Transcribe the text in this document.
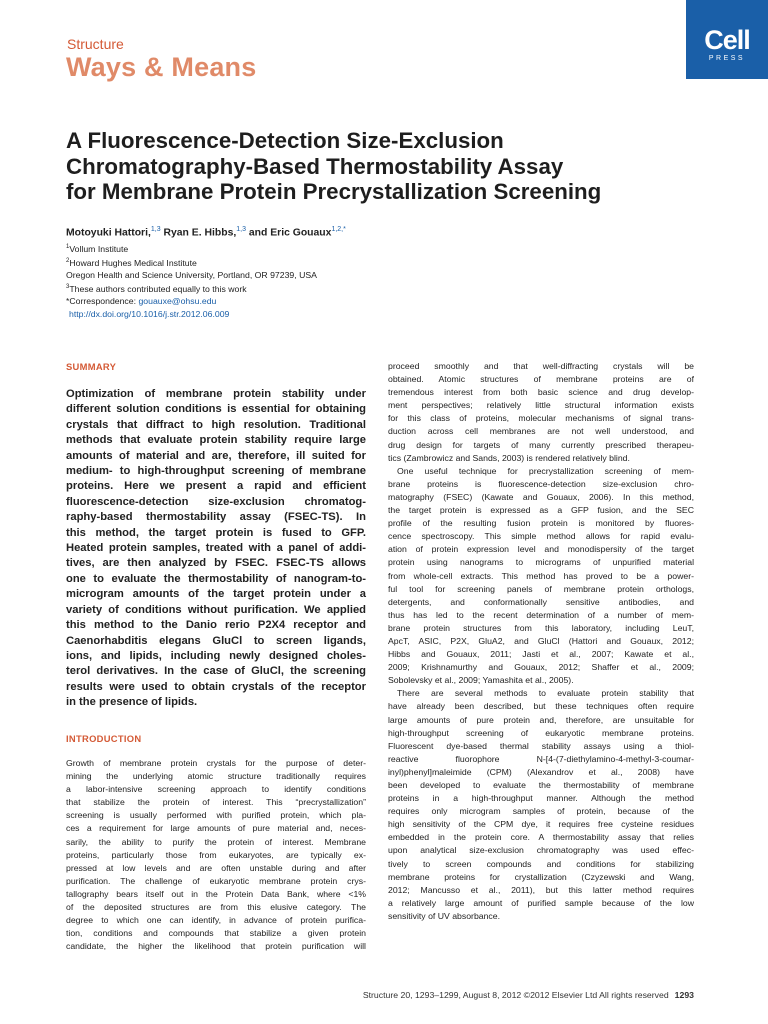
Structure
Ways & Means
Cell
PRESS
A Fluorescence-Detection Size-Exclusion
Chromatography-Based Thermostability Assay
for Membrane Protein Precrystallization Screening
Motoyuki Hattori,$^{1,3}$ Ryan E. Hibbs,$^{1,3}$ and Eric Gouaux$^{1,2,*}$
$^1$Vollum Institute
$^2$Howard Hughes Medical Institute
Oregon Health and Science University, Portland, OR 97239, USA
$^3$These authors contributed equally to this work
*Correspondence: gouauxe@ohsu.edu
http://dx.doi.org/10.1016/j.str.2012.06.009
SUMMARY
Optimization of membrane protein stability under
different solution conditions is essential for obtaining
crystals that diffract to high resolution. Traditional
methods that evaluate protein stability require large
amounts of material and are, therefore, ill suited for
medium- to high-throughput screening of membrane
proteins. Here we present a rapid and efficient
fluorescence-detection size-exclusion chromatog-
raphy-based thermostability assay (FSEC-TS). In
this method, the target protein is fused to GFP.
Heated protein samples, treated with a panel of addi-
tives, are then analyzed by FSEC. FSEC-TS allows
one to evaluate the thermostability of nanogram-to-
microgram amounts of the target protein under a
variety of conditions without purification. We applied
this method to the Danio rerio P2X4 receptor and
Caenorhabditis elegans GluCl to screen ligands,
ions, and lipids, including newly designed choles-
terol derivatives. In the case of GluCl, the screening
results were used to obtain crystals of the receptor
in the presence of lipids.
INTRODUCTION
Growth of membrane protein crystals for the purpose of deter-
mining the underlying atomic structure traditionally requires
a labor-intensive screening approach to identify conditions
that stabilize the protein of interest. This “precrystallization”
screening is usually performed with purified protein, which pla-
ces a requirement for large amounts of pure material and, neces-
sarily, the ability to purify the protein of interest. Membrane
proteins, particularly those from eukaryotes, are typically ex-
pressed at low levels and are often unstable during and after
purification. The challenge of eukaryotic membrane protein crys-
tallography bears itself out in the Protein Data Bank, where <1%
of the deposited structures are from this elusive category. The
degree to which one can identify, in advance of protein purifica-
tion, conditions and compounds that stabilize a given protein
candidate, the higher the likelihood that protein purification will
proceed smoothly and that well-diffracting crystals will be
obtained. Atomic structures of membrane proteins are of
tremendous interest from both basic science and drug develop-
ment perspectives; relatively little structural information exists
for this class of proteins, molecular mechanisms of signal trans-
duction across cell membranes are not well understood, and
drug design for targets of many currently prescribed therapeu-
tics (Zambrowicz and Sands, 2003) is rendered relatively blind.
One useful technique for precrystallization screening of mem-
brane proteins is fluorescence-detection size-exclusion chro-
matography (FSEC) (Kawate and Gouaux, 2006). In this method,
the target protein is expressed as a GFP fusion, and the SEC
profile of the resulting fusion protein is monitored by fluores-
cence spectroscopy. This simple method allows for rapid evalu-
ation of protein expression level and monodispersity of the target
protein using nanograms to micrograms of unpurified material
from whole-cell extracts. This method has proved to be a power-
ful tool for screening panels of membrane protein orthologs,
detergents, and conformationally sensitive antibodies, and
thus has led to the recent determination of a number of mem-
brane protein structures from this laboratory, including LeuT,
ApcT, ASIC, P2X, GluA2, and GluCl (Hattori and Gouaux, 2012;
Hibbs and Gouaux, 2011; Jasti et al., 2007; Kawate et al.,
2009; Krishnamurthy and Gouaux, 2012; Shaffer et al., 2009;
Sobolevsky et al., 2009; Yamashita et al., 2005).
There are several methods to evaluate protein stability that
have already been described, but these techniques often require
large amounts of pure protein and, therefore, are unsuitable for
high-throughput screening of eukaryotic membrane proteins.
Fluorescent dye-based thermal stability assays using a thiol-
reactive fluorophore N-[4-(7-diethylamino-4-methyl-3-coumar-
inyl)phenyl]maleimide (CPM) (Alexandrov et al., 2008) have
been developed to evaluate the thermostability of membrane
proteins in a high-throughput manner. Although the method
requires only microgram samples of protein, because of the
high sensitivity of the CPM dye, it requires free cysteine residues
embedded in the protein core. A thermostability assay that relies
upon analytical size-exclusion chromatography was used effec-
tively to screen compounds and conditions for stabilizing
membrane proteins for crystallization (Czyzewski and Wang,
2012; Mancusso et al., 2011), but this latter method requires
a relatively large amount of purified sample because of the low
sensitivity of UV absorbance.
Structure 20, 1293–1299, August 8, 2012 ©2012 Elsevier Ltd All rights reserved 1293
